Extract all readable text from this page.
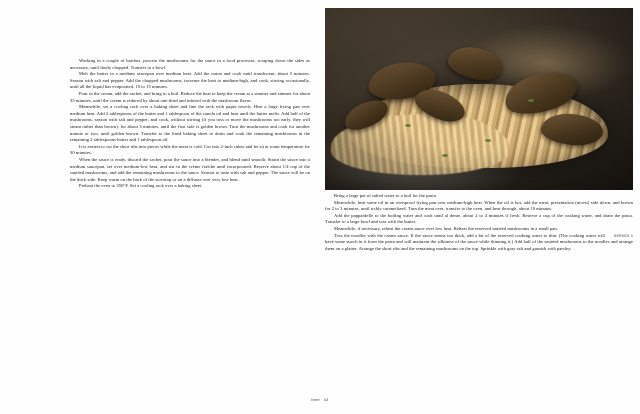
Working in a couple of batches, process the mushrooms for the sauce in a food processor, scraping down the sides as necessary, until finely chopped. Transfer to a bowl.

Melt the butter in a medium saucepan over medium heat. Add the onion and cook until translucent, about 5 minutes. Season with salt and pepper. Add the chopped mushrooms, increase the heat to medium-high, and cook, stirring occasionally, until all the liquid has evaporated, 10 to 15 minutes.

Pour in the cream, add the sachet, and bring to a boil. Reduce the heat to keep the cream at a simmer and simmer for about 35 minutes, until the cream is reduced by about one-third and infused with the mushroom flavor.

Meanwhile, set a cooling rack over a baking sheet and line the rack with paper towels. Heat a large frying pan over medium heat. Add 2 tablespoons of the butter and 1 tablespoon of the canola oil and heat until the butter melts. Add half of the mushrooms, season with salt and pepper, and cook, without stirring (if you toss or move the mushrooms too early, they will steam rather than brown), for about 3 minutes, until the first side is golden brown. Turn the mushrooms and cook for another minute or two, until golden brown. Transfer to the lined baking sheet to drain and cook the remaining mushrooms in the remaining 2 tablespoons butter and 1 tablespoon oil.

It is easiest to cut the short ribs into pieces while the meat is cold. Cut into 2-inch cubes and let sit at room temperature for 30 minutes.

When the sauce is ready, discard the sachet, pour the sauce into a blender, and blend until smooth. Strain the sauce into a medium saucepan, set over medium-low heat, and stir in the crème fraîche until incorporated. Reserve about 1/4 cup of the sautéed mushrooms, and add the remaining mushrooms to the sauce. Season to taste with salt and pepper. The sauce will be on the thick side. Keep warm on the back of the stovetop or on a diffuser over very low heat.

Preheat the oven to 350°F. Set a cooling rack over a baking sheet.

Bring a large pot of salted water to a boil for the pasta.

Meanwhile, heat some oil in an ovenproof frying pan over medium-high heat. When the oil is hot, add the meat, presentation (nicest) side down, and brown for 2 to 3 minutes, until richly caramelized. Turn the meat over, transfer to the oven, and heat through, about 10 minutes.

Add the pappardelle to the boiling water and cook until al dente, about 2 to 4 minutes if fresh. Reserve a cup of the cooking water, and drain the pasta. Transfer to a large bowl and toss with the butter.

Meanwhile, if necessary, reheat the cream sauce over low heat. Reheat the reserved sautéed mushrooms in a small pan.

SERVES 4
Toss the noodles with the cream sauce. If the sauce seems too thick, add a bit of the reserved cooking water to thin. (The cooking water will have some starch in it from the pasta and will maintain the silkiness of the sauce while thinning it.) Add half of the sautéed mushrooms to the noodles and arrange them on a platter. Arrange the short ribs and the remaining mushrooms on the top. Sprinkle with gray salt and garnish with parsley.

beef 43
